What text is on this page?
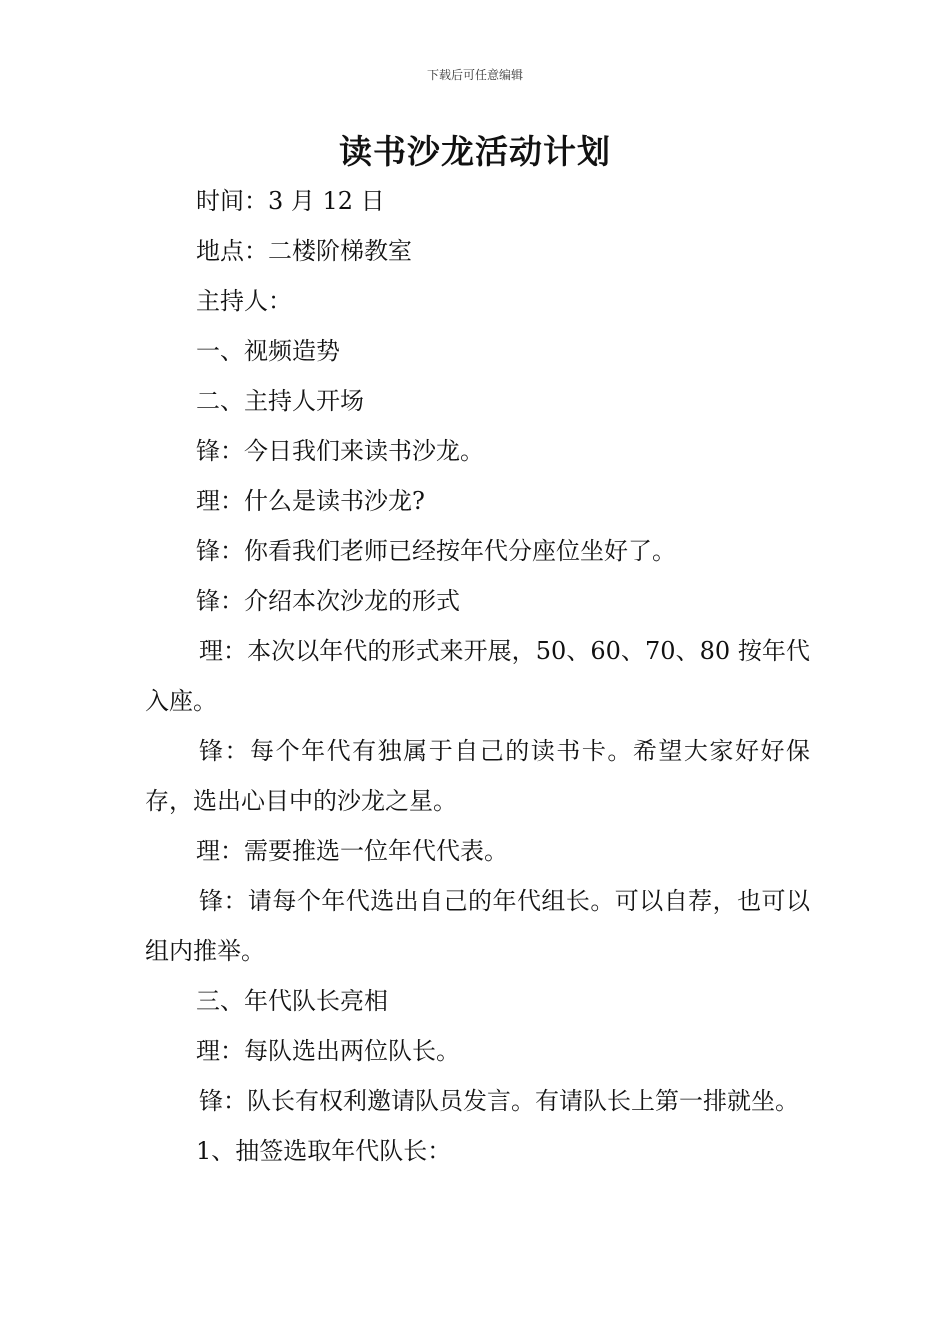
下载后可任意编辑
读书沙龙活动计划

时间：3 月 12 日

地点：二楼阶梯教室

主持人：

一、视频造势

二、主持人开场

锋：今日我们来读书沙龙。

理：什么是读书沙龙?

锋：你看我们老师已经按年代分座位坐好了。

锋：介绍本次沙龙的形式

理：本次以年代的形式来开展，50、60、70、80 按年代入座。

锋：每个年代有独属于自己的读书卡。希望大家好好保存，选出心目中的沙龙之星。

理：需要推选一位年代代表。

锋：请每个年代选出自己的年代组长。可以自荐，也可以组内推举。

三、年代队长亮相

理：每队选出两位队长。

锋：队长有权利邀请队员发言。有请队长上第一排就坐。

1、抽签选取年代队长：
